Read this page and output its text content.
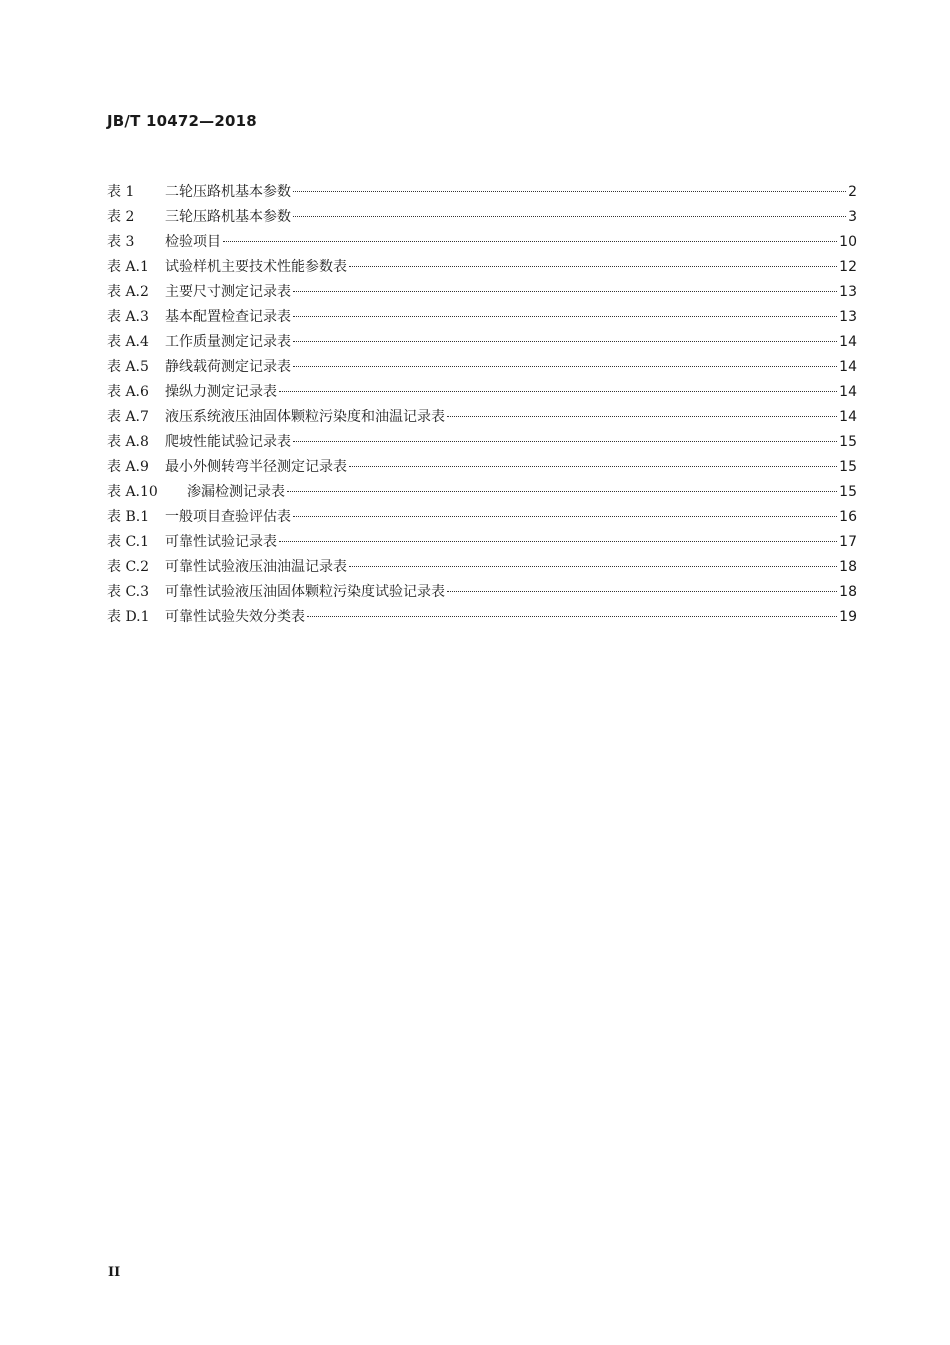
JB/T 10472—2018

表 1	二轮压路机基本参数	2
表 2	三轮压路机基本参数	3
表 3	检验项目	10
表 A.1	试验样机主要技术性能参数表	12
表 A.2	主要尺寸测定记录表	13
表 A.3	基本配置检查记录表	13
表 A.4	工作质量测定记录表	14
表 A.5	静线载荷测定记录表	14
表 A.6	操纵力测定记录表	14
表 A.7	液压系统液压油固体颗粒污染度和油温记录表	14
表 A.8	爬坡性能试验记录表	15
表 A.9	最小外侧转弯半径测定记录表	15
表 A.10	渗漏检测记录表	15
表 B.1	一般项目查验评估表	16
表 C.1	可靠性试验记录表	17
表 C.2	可靠性试验液压油油温记录表	18
表 C.3	可靠性试验液压油固体颗粒污染度试验记录表	18
表 D.1	可靠性试验失效分类表	19

II
